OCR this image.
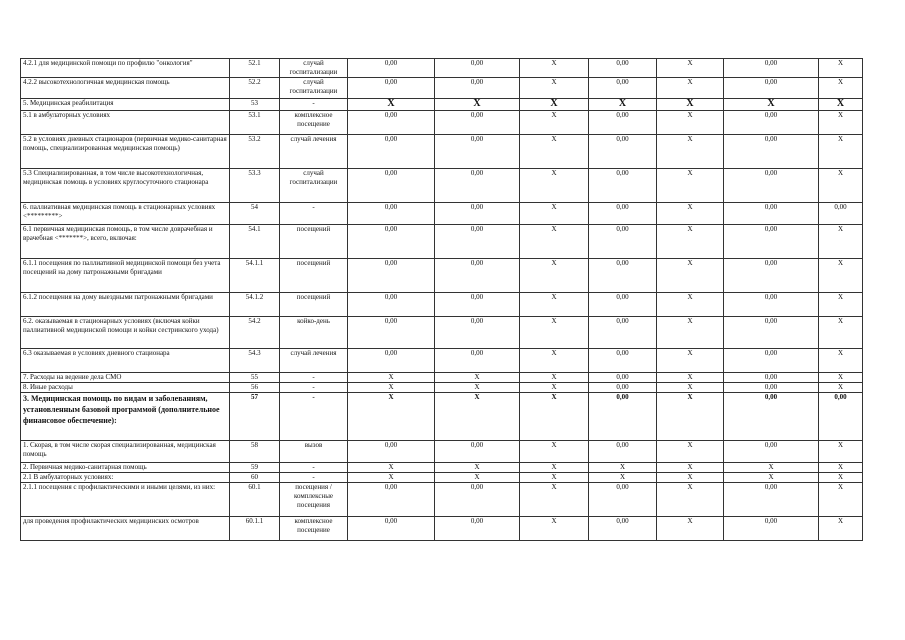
4.2.1 для медицинской помощи по профилю "онкология"	52.1	случай госпитализации	0,00	0,00	X	0,00	X	0,00	X
4.2.2 высокотехнологичная медицинская помощь	52.2	случай госпитализации	0,00	0,00	X	0,00	X	0,00	X
5. Медицинская реабилитация	53	-	X	X	X	X	X	X	X
5.1 в амбулаторных условиях	53.1	комплексное посещение	0,00	0,00	X	0,00	X	0,00	X
5.2 в условиях дневных стационаров (первичная медико-санитарная помощь, специализированная медицинская помощь)	53.2	случай лечения	0,00	0,00	X	0,00	X	0,00	X
5.3 Специализированная, в том числе высокотехнологичная, медицинская помощь в условиях круглосуточного стационара	53.3	случай госпитализации	0,00	0,00	X	0,00	X	0,00	X
6. паллиативная медицинская помощь в стационарных условиях <*********>	54	-	0,00	0,00	X	0,00	X	0,00	0,00
6.1 первичная медицинская помощь, в том числе доврачебная и врачебная <*******>, всего, включая:	54.1	посещений	0,00	0,00	X	0,00	X	0,00	X
6.1.1 посещения по паллиативной медицинской помощи без учета посещений на дому патронажными бригадами	54.1.1	посещений	0,00	0,00	X	0,00	X	0,00	X
6.1.2 посещения на дому выездными патронажными бригадами	54.1.2	посещений	0,00	0,00	X	0,00	X	0,00	X
6.2. оказываемая в стационарных условиях (включая койки паллиативной медицинской помощи и койки сестринского ухода)	54.2	койко-день	0,00	0,00	X	0,00	X	0,00	X
6.3 оказываемая в условиях дневного стационара	54.3	случай лечения	0,00	0,00	X	0,00	X	0,00	X
7. Расходы на ведение дела СМО	55	-	X	X	X	0,00	X	0,00	X
8. Иные расходы	56	-	X	X	X	0,00	X	0,00	X
3. Медицинская помощь по видам и заболеваниям, установленным базовой программой (дополнительное финансовое обеспечение):	57	-	X	X	X	0,00	X	0,00	0,00
1. Скорая, в том числе скорая специализированная, медицинская помощь	58	вызов	0,00	0,00	X	0,00	X	0,00	X
2. Первичная медико-санитарная помощь	59	-	X	X	X	X	X	X	X
2.1 В амбулаторных условиях:	60	-	X	X	X	X	X	X	X
2.1.1 посещения с профилактическими и иными целями, из них:	60.1	посещения / комплексные посещения	0,00	0,00	X	0,00	X	0,00	X
для проведения профилактических медицинских осмотров	60.1.1	комплексное посещение	0,00	0,00	X	0,00	X	0,00	X
